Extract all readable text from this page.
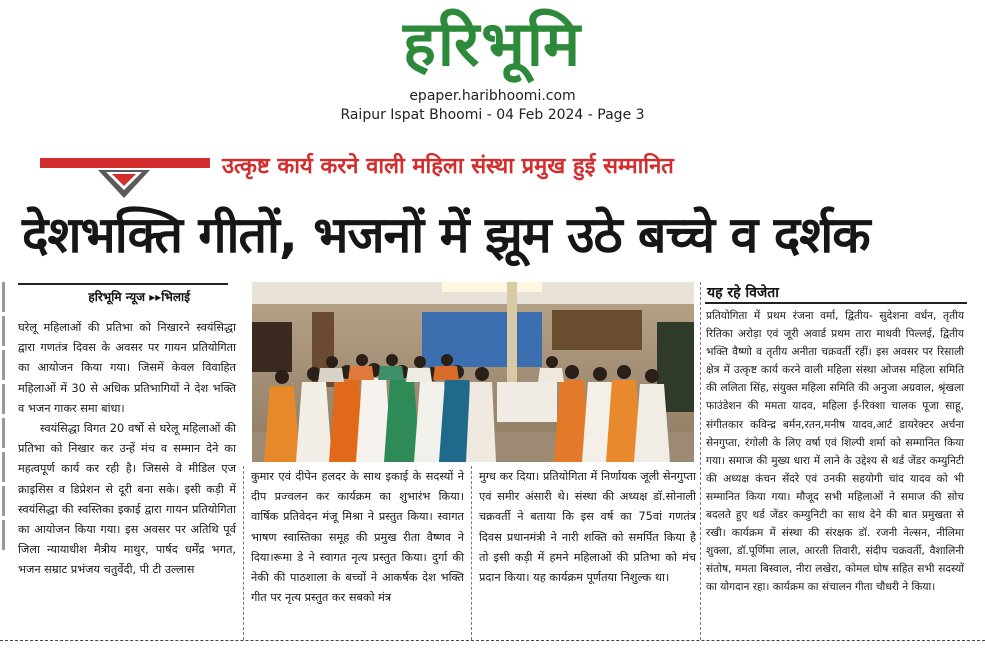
हरिभूमि
epaper.haribhoomi.com
Raipur Ispat Bhoomi - 04 Feb 2024 - Page 3
उत्कृष्ट कार्य करने वाली महिला संस्था प्रमुख हुई सम्मानित
देशभक्ति गीतों, भजनों में झूम उठे बच्चे व दर्शक
हरिभूमि न्यूज ▸▸भिलाई

घरेलू महिलाओं की प्रतिभा को निखारने स्वयंसिद्धा द्वारा गणतंत्र दिवस के अवसर पर गायन प्रतियोगिता का आयोजन किया गया। जिसमें केवल विवाहित महिलाओं में 30 से अधिक प्रतिभागियों ने देश भक्ति व भजन गाकर समा बांधा।

स्वयंसिद्धा विगत 20 वर्षो से घरेलू महिलाओं की प्रतिभा को निखार कर उन्हें मंच व सम्मान देने का महत्वपूर्ण कार्य कर रही है। जिससे वे मीडिल एज क्राइसिस व डिप्रेशन से दूरी बना सके। इसी कड़ी में स्वयंसिद्धा की स्वस्तिका इकाई द्वारा गायन प्रतियोगिता का आयोजन किया गया। इस अवसर पर अतिथि पूर्व जिला न्यायाधीश मैत्रीय माथुर, पार्षद धर्मेंद्र भगत, भजन सम्राट प्रभंजय चतुर्वेदी, पी टी उल्लास

कुमार एवं दीपेन हलदर के साथ इकाई के सदस्यों ने दीप प्रज्वलन कर कार्यक्रम का शुभारंभ किया। वार्षिक प्रतिवेदन मंजू मिश्रा ने प्रस्तुत किया। स्वागत भाषण स्वास्तिका समूह की प्रमुख रीता वैष्णव ने दिया।रूमा डे ने स्वागत नृत्य प्रस्तुत किया। दुर्गा की नेकी की पाठशाला के बच्चों ने आकर्षक देश भक्ति गीत पर नृत्य प्रस्तुत कर सबको मंत्र

मुग्ध कर दिया। प्रतियोगिता में निर्णायक जूली सेनगुप्ता एवं समीर अंसारी थे। संस्था की अध्यक्ष डॉ.सोनाली चक्रवर्ती ने बताया कि इस वर्ष का 75वां गणतंत्र दिवस प्रधानमंत्री ने नारी शक्ति को समर्पित किया है तो इसी कड़ी में हमने महिलाओं की प्रतिभा को मंच प्रदान किया। यह कार्यक्रम पूर्णतया निशुल्क था।

यह रहे विजेता

प्रतियोगिता में प्रथम रंजना वर्मा, द्वितीय- सुदेशना वर्धन, तृतीय रितिका अरोड़ा एवं जूरी अवार्ड प्रथम तारा माधवी पिल्लई, द्वितीय भक्ति वैष्णो व तृतीय अनीता चक्रवर्ती रहीं। इस अवसर पर रिसाली क्षेत्र में उत्कृष्ट कार्य करने वाली महिला संस्था ओजस महिला समिति की ललिता सिंह, संयुक्त महिला समिति की अनुजा अग्रवाल, श्रृंखला फाउंडेशन की ममता यादव, महिला ई-रिक्शा चालक पूजा साहू, संगीतकार कविन्द्र बर्मन,रतन,मनीष यादव,आर्ट डायरेक्टर अर्चना सेनगुप्ता, रंगोली के लिए वर्षा एवं शिल्पी शर्मा को सम्मानित किया गया। समाज की मुख्य धारा में लाने के उद्देश्य से थर्ड जेंडर कम्युनिटी की अध्यक्ष कंचन सेंदरे एवं उनकी सहयोगी चांद यादव को भी सम्मानित किया गया। मौजूद सभी महिलाओं ने समाज की सोच बदलते हुए थर्ड जेंडर कम्युनिटी का साथ देने की बात प्रमुखता से रखी। कार्यक्रम में संस्था की संरक्षक डॉ. रजनी नेल्सन, नीलिमा शुक्ला, डॉ.पूर्णिमा लाल, आरती तिवारी, संदीप चक्रवर्ती, वैशालिनी संतोष, ममता बिस्वाल, नीरा लखेरा, कोमल घोष सहित सभी सदस्यों का योगदान रहा। कार्यक्रम का संचालन गीता चौधरी ने किया।
